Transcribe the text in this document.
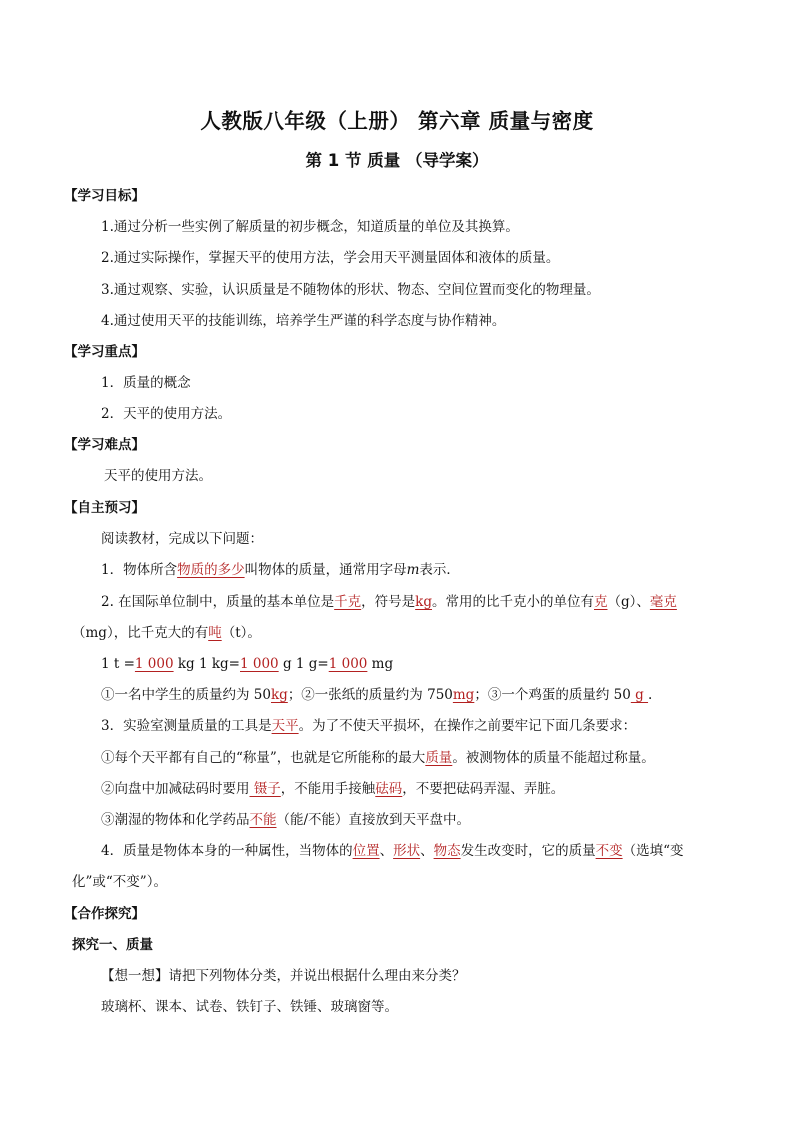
人教版八年级（上册） 第六章 质量与密度
第 1 节 质量 （导学案）
【学习目标】
1.通过分析一些实例了解质量的初步概念，知道质量的单位及其换算。
2.通过实际操作，掌握天平的使用方法，学会用天平测量固体和液体的质量。
3.通过观察、实验，认识质量是不随物体的形状、物态、空间位置而变化的物理量。
4.通过使用天平的技能训练，培养学生严谨的科学态度与协作精神。
【学习重点】
1．质量的概念
2．天平的使用方法。
【学习难点】
天平的使用方法。
【自主预习】
阅读教材，完成以下问题：
1．物体所含物质的多少叫物体的质量，通常用字母m表示．
2. 在国际单位制中，质量的基本单位是千克，符号是kg。常用的比千克小的单位有克（g）、毫克
（mg），比千克大的有吨（t）。
1 t =1 000 kg 1 kg=1 000 g 1 g=1 000 mg
①一名中学生的质量约为 50kg；②一张纸的质量约为 750mg；③一个鸡蛋的质量约 50 g .
3．实验室测量质量的工具是天平。为了不使天平损坏，在操作之前要牢记下面几条要求：
①每个天平都有自己的“称量”，也就是它所能称的最大质量。被测物体的质量不能超过称量。
②向盘中加减砝码时要用 镊子，不能用手接触砝码，不要把砝码弄湿、弄脏。
③潮湿的物体和化学药品不能（能/不能）直接放到天平盘中。
4．质量是物体本身的一种属性，当物体的位置、形状、物态发生改变时，它的质量不变（选填“变
化”或“不变”）。
【合作探究】
探究一、质量
【想一想】请把下列物体分类，并说出根据什么理由来分类？
玻璃杯、课本、试卷、铁钉子、铁锤、玻璃窗等。
